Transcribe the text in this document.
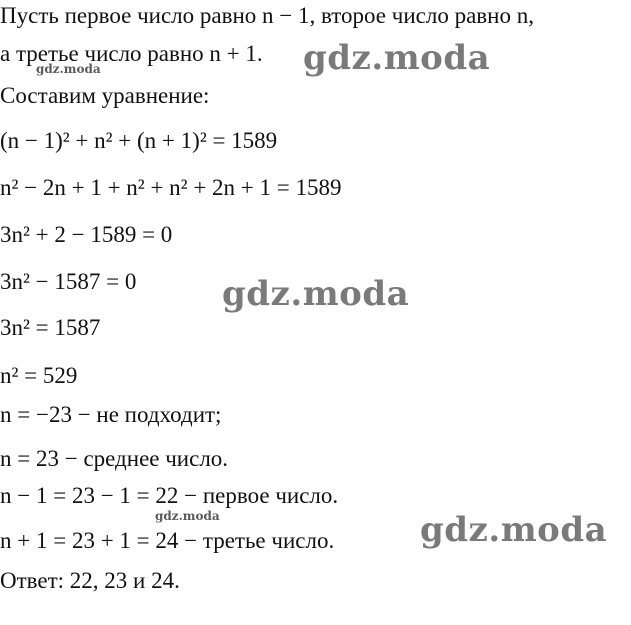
Пусть первое число равно n − 1, второе число равно n,
а третье число равно n + 1.
Составим уравнение:
(n − 1)² + n² + (n + 1)² = 1589
n² − 2n + 1 + n² + n² + 2n + 1 = 1589
3n² + 2 − 1589 = 0
3n² − 1587 = 0
3n² = 1587
n² = 529
n = −23 − не подходит;
n = 23 − среднее число.
n − 1 = 23 − 1 = 22 − первое число.
n + 1 = 23 + 1 = 24 − третье число.
Ответ: 22, 23 и 24.
gdz.moda
gdz.moda
gdz.moda
gdz.moda	gdz.moda
